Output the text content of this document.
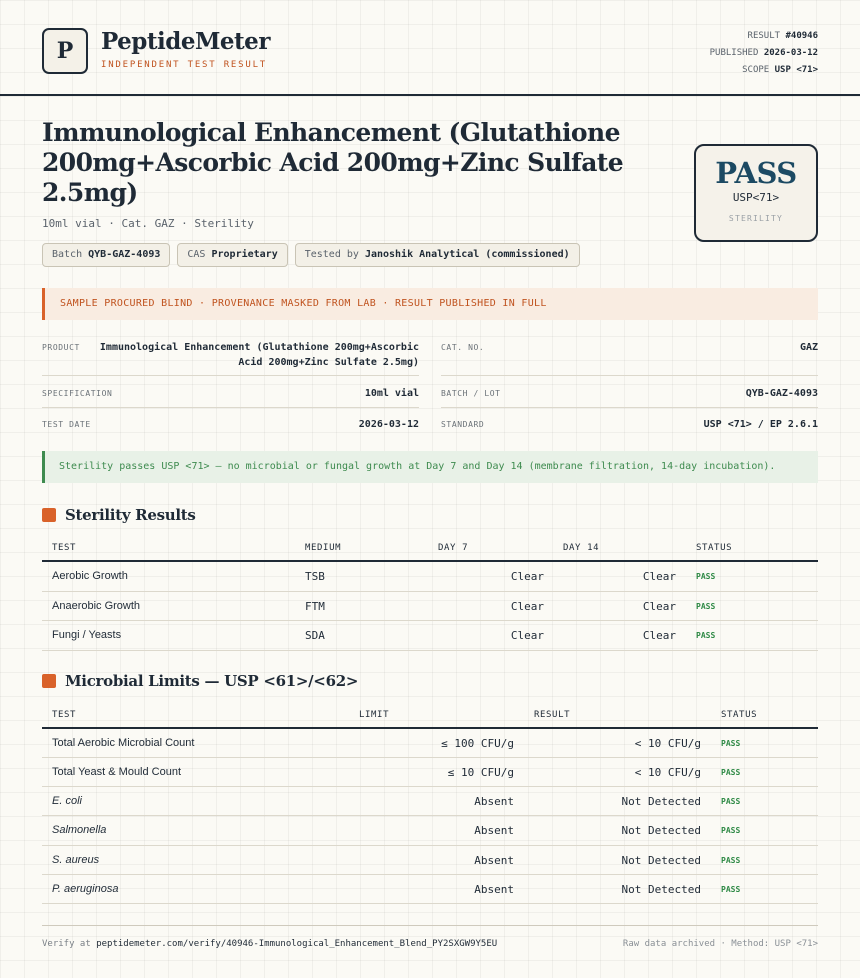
P PeptideMeter
INDEPENDENT TEST RESULT
RESULT #40946
PUBLISHED 2026-03-12
SCOPE USP <71>
Immunological Enhancement (Glutathione 200mg+Ascorbic Acid 200mg+Zinc Sulfate 2.5mg)
10ml vial · Cat. GAZ · Sterility
Batch QYB-GAZ-4093	CAS Proprietary	Tested by Janoshik Analytical (commissioned)
PASS
USP<71>
STERILITY
SAMPLE PROCURED BLIND · PROVENANCE MASKED FROM LAB · RESULT PUBLISHED IN FULL
PRODUCT	Immunological Enhancement (Glutathione 200mg+Ascorbic
Acid 200mg+Zinc Sulfate 2.5mg)
CAT. NO.	GAZ
SPECIFICATION	10ml vial	BATCH / LOT	QYB-GAZ-4093
TEST DATE	2026-03-12	STANDARD	USP <71> / EP 2.6.1
Sterility passes USP <71> — no microbial or fungal growth at Day 7 and Day 14 (membrane filtration, 14-day incubation).
Sterility Results
TEST	MEDIUM	DAY 7	DAY 14	STATUS
Aerobic Growth	TSB	Clear	Clear	PASS
Anaerobic Growth	FTM	Clear	Clear	PASS
Fungi / Yeasts	SDA	Clear	Clear	PASS
Microbial Limits — USP <61>/<62>
TEST	LIMIT	RESULT	STATUS
Total Aerobic Microbial Count	≤ 100 CFU/g	< 10 CFU/g	PASS
Total Yeast & Mould Count	≤ 10 CFU/g	< 10 CFU/g	PASS
E. coli	Absent	Not Detected	PASS
Salmonella	Absent	Not Detected	PASS
S. aureus	Absent	Not Detected	PASS
P. aeruginosa	Absent	Not Detected	PASS
Verify at peptidemeter.com/verify/40946-Immunological_Enhancement_Blend_PY2SXGW9Y5EU	Raw data archived · Method: USP <71>
